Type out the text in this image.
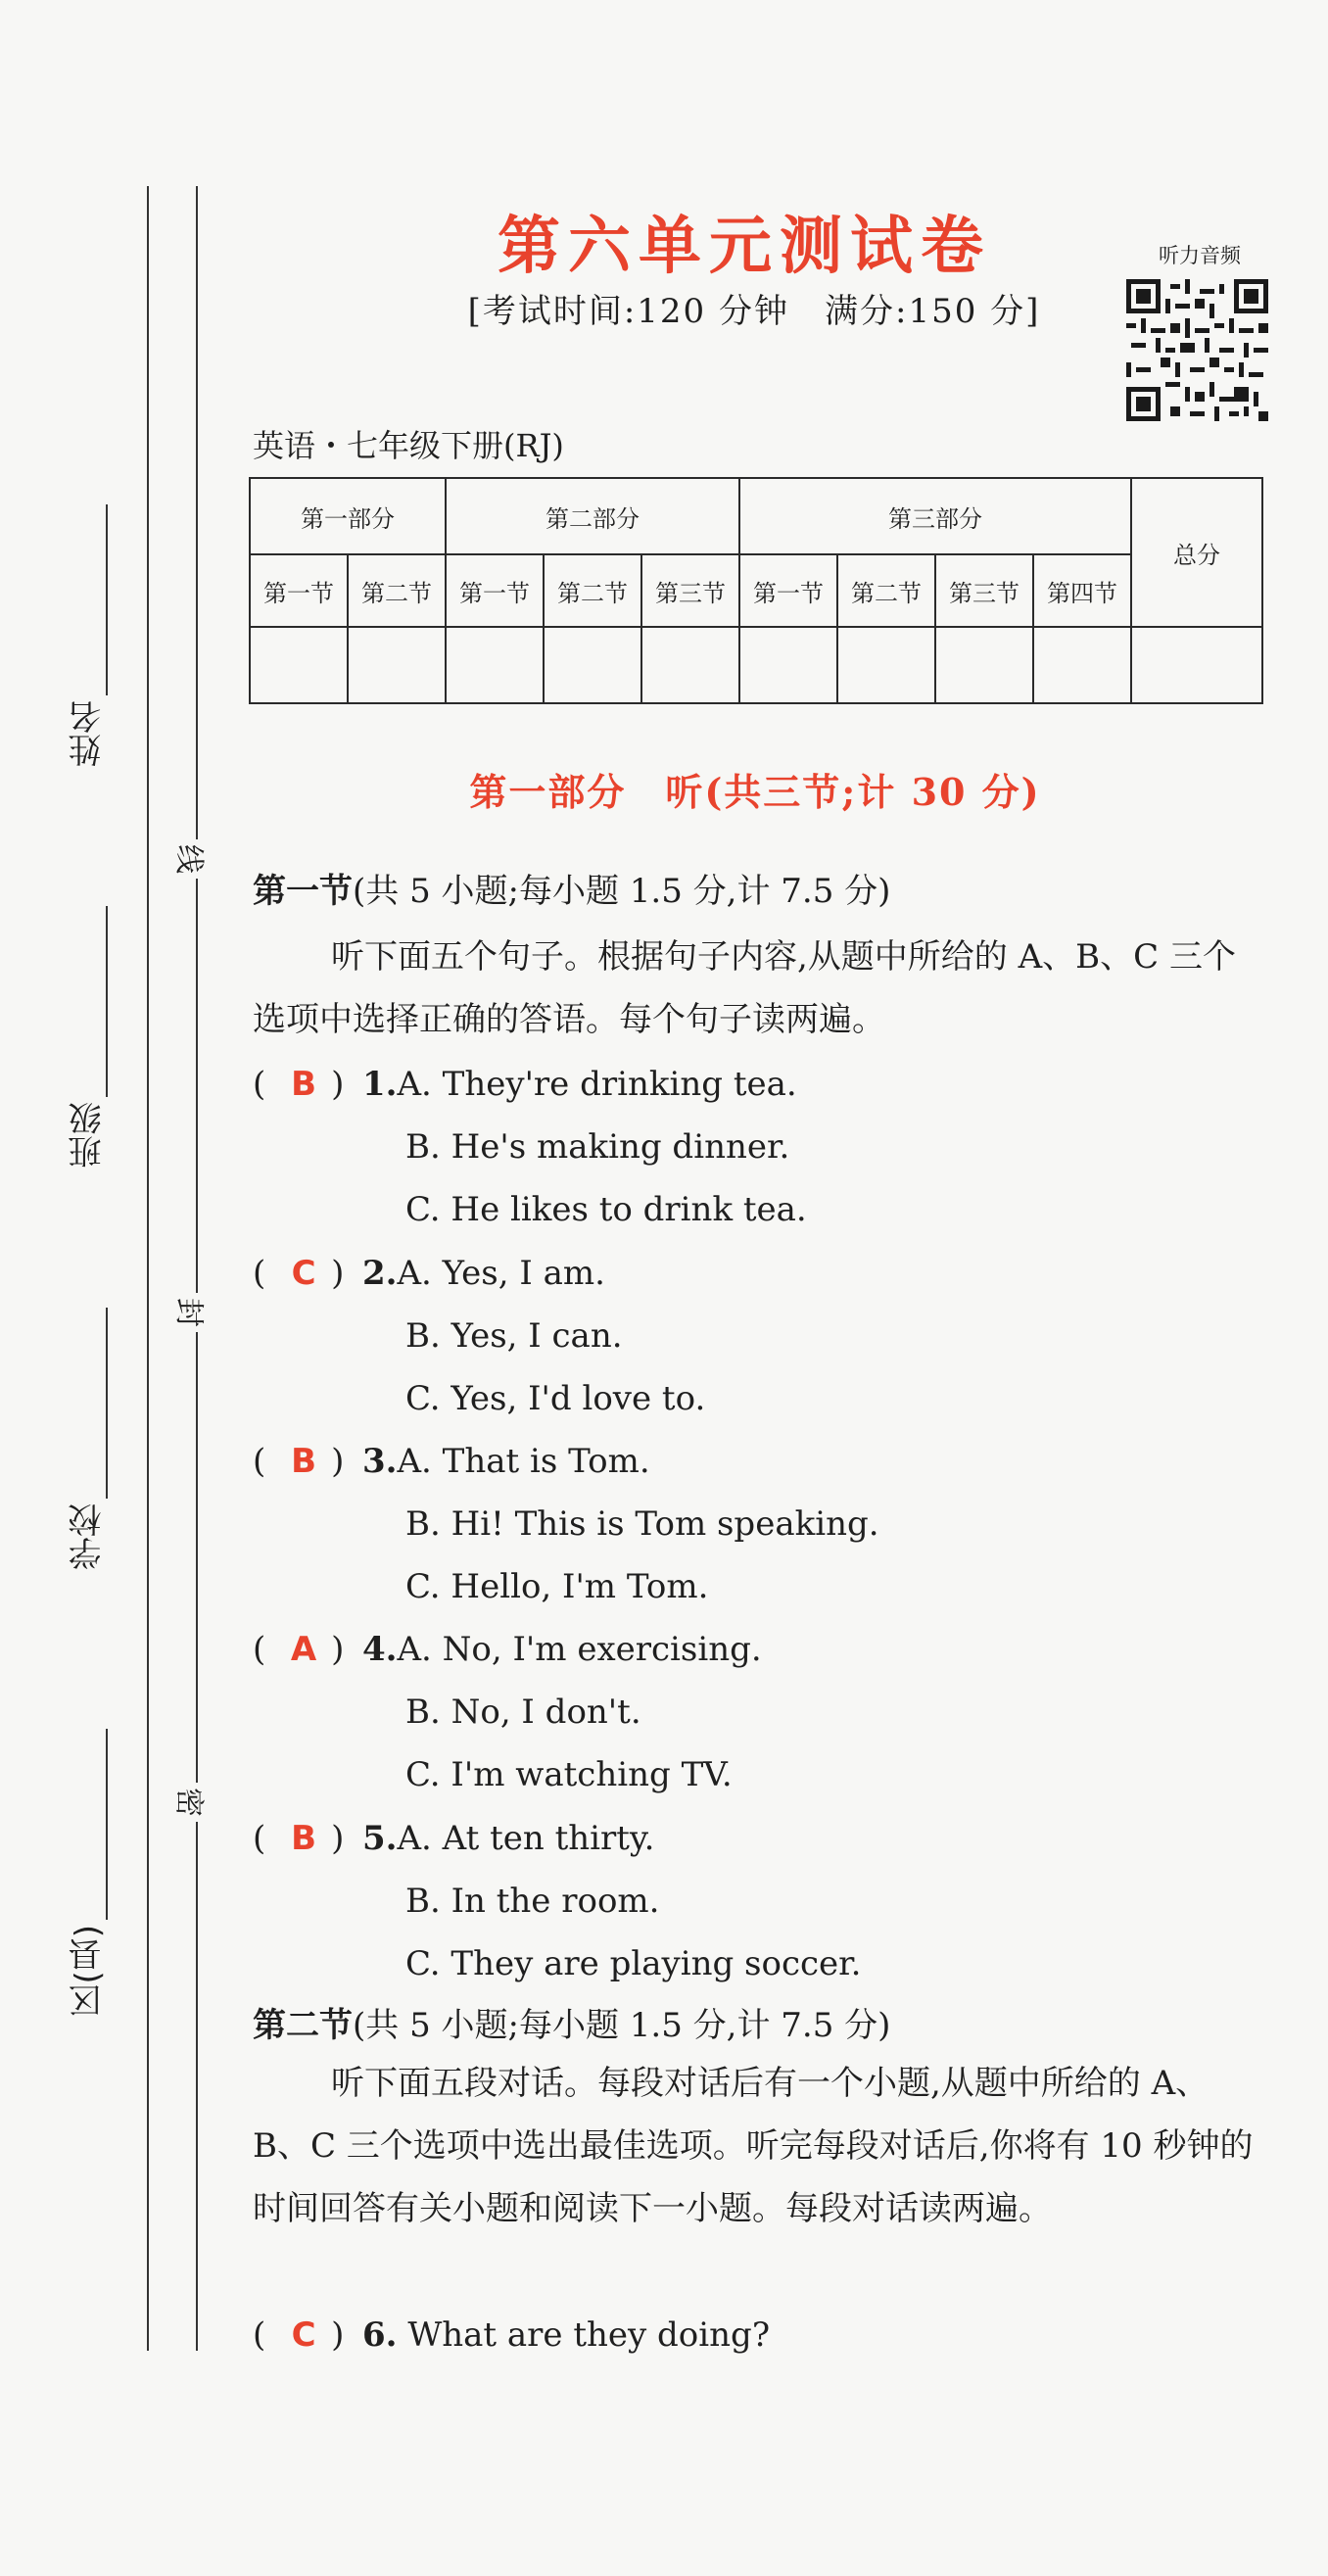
姓名
班级
学校
区(县)
线
封
密
第六单元测试卷
[考试时间:120 分钟　满分:150 分]
听力音频
英语・七年级下册(RJ)
第一部分		第二部分			第三部分				总分
第一节	第二节	第一节	第二节	第三节	第一节	第二节	第三节	第四节	

第一部分　听(共三节;计 30 分)
第一节(共 5 小题;每小题 1.5 分,计 7.5 分)
听下面五个句子。根据句子内容,从题中所给的 A、B、C 三个选项中选择正确的答语。每个句子读两遍。
( B ) 1.A. They're drinking tea.
B. He's making dinner.
C. He likes to drink tea.
( C ) 2.A. Yes, I am.
B. Yes, I can.
C. Yes, I'd love to.
( B ) 3.A. That is Tom.
B. Hi! This is Tom speaking.
C. Hello, I'm Tom.
( A ) 4.A. No, I'm exercising.
B. No, I don't.
C. I'm watching TV.
( B ) 5.A. At ten thirty.
B. In the room.
C. They are playing soccer.
第二节(共 5 小题;每小题 1.5 分,计 7.5 分)
听下面五段对话。每段对话后有一个小题,从题中所给的 A、B、C 三个选项中选出最佳选项。听完每段对话后,你将有 10 秒钟的时间回答有关小题和阅读下一小题。每段对话读两遍。
( C ) 6. What are they doing?
